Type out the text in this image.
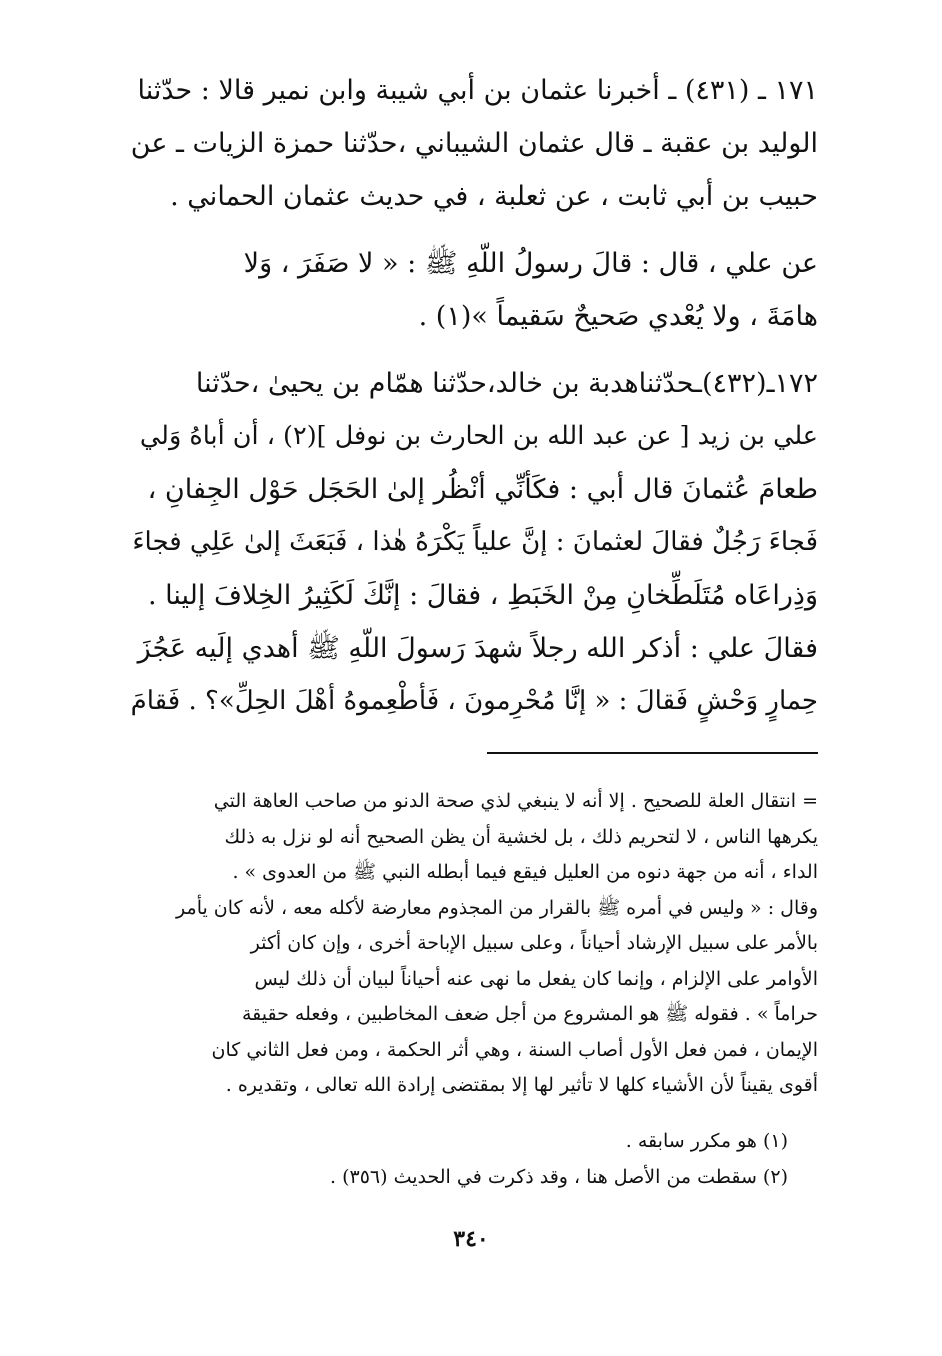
١٧١ ـ (٤٣١) ـ أخبرنا عثمان بن أبي شيبة وابن نمير قالا : حدّثنا
الوليد بن عقبة ـ قال عثمان الشيباني ،حدّثنا حمزة الزيات ـ عن
حبيب بن أبي ثابت ، عن ثعلبة ، في حديث عثمان الحماني .
عن علي ، قال : قالَ رسولُ اللّهِ ﷺ : « لا صَفَرَ ، وَلا
هامَةَ ، ولا يُعْدي صَحيحٌ سَقيماً »(١) .
١٧٢ـ(٤٣٢)ـحدّثناهدبة بن خالد،حدّثنا همّام بن يحيىٰ ،حدّثنا
علي بن زيد [ عن عبد الله بن الحارث بن نوفل ](٢) ، أن أباهُ وَلي
طعامَ عُثمانَ قال أبي : فكَأنِّي أنْظُر إلىٰ الحَجَل حَوْل الجِفانِ ،
فَجاءَ رَجُلٌ فقالَ لعثمانَ : إنَّ علياً يَكْرَهُ هٰذا ، فَبَعَثَ إلىٰ عَلِي فجاءَ
وَذِراعَاه مُتَلَطِّخانِ مِنْ الخَبَطِ ، فقالَ : إنَّكَ لَكَثِيرُ الخِلافَ إلينا .
فقالَ علي : أذكر الله رجلاً شهدَ رَسولَ اللّهِ ﷺ أهدي إلَيه عَجُزَ
حِمارٍ وَحْشٍ فَقالَ : « إنَّا مُحْرِمونَ ، فَأطْعِموهُ أهْلَ الحِلِّ»؟ . فَقامَ
= انتقال العلة للصحيح . إلا أنه لا ينبغي لذي صحة الدنو من صاحب العاهة التي
يكرهها الناس ، لا لتحريم ذلك ، بل لخشية أن يظن الصحيح أنه لو نزل به ذلك
الداء ، أنه من جهة دنوه من العليل فيقع فيما أبطله النبي ﷺ من العدوى » .
وقال : « وليس في أمره ﷺ بالقرار من المجذوم معارضة لأكله معه ، لأنه كان يأمر
بالأمر على سبيل الإرشاد أحياناً ، وعلى سبيل الإباحة أخرى ، وإن كان أكثر
الأوامر على الإلزام ، وإنما كان يفعل ما نهى عنه أحياناً لبيان أن ذلك ليس
حراماً » . فقوله ﷺ هو المشروع من أجل ضعف المخاطبين ، وفعله حقيقة
الإيمان ، فمن فعل الأول أصاب السنة ، وهي أثر الحكمة ، ومن فعل الثاني كان
أقوى يقيناً لأن الأشياء كلها لا تأثير لها إلا بمقتضى إرادة الله تعالى ، وتقديره .
(١) هو مكرر سابقه .
(٢) سقطت من الأصل هنا ، وقد ذكرت في الحديث (٣٥٦) .
٣٤٠
